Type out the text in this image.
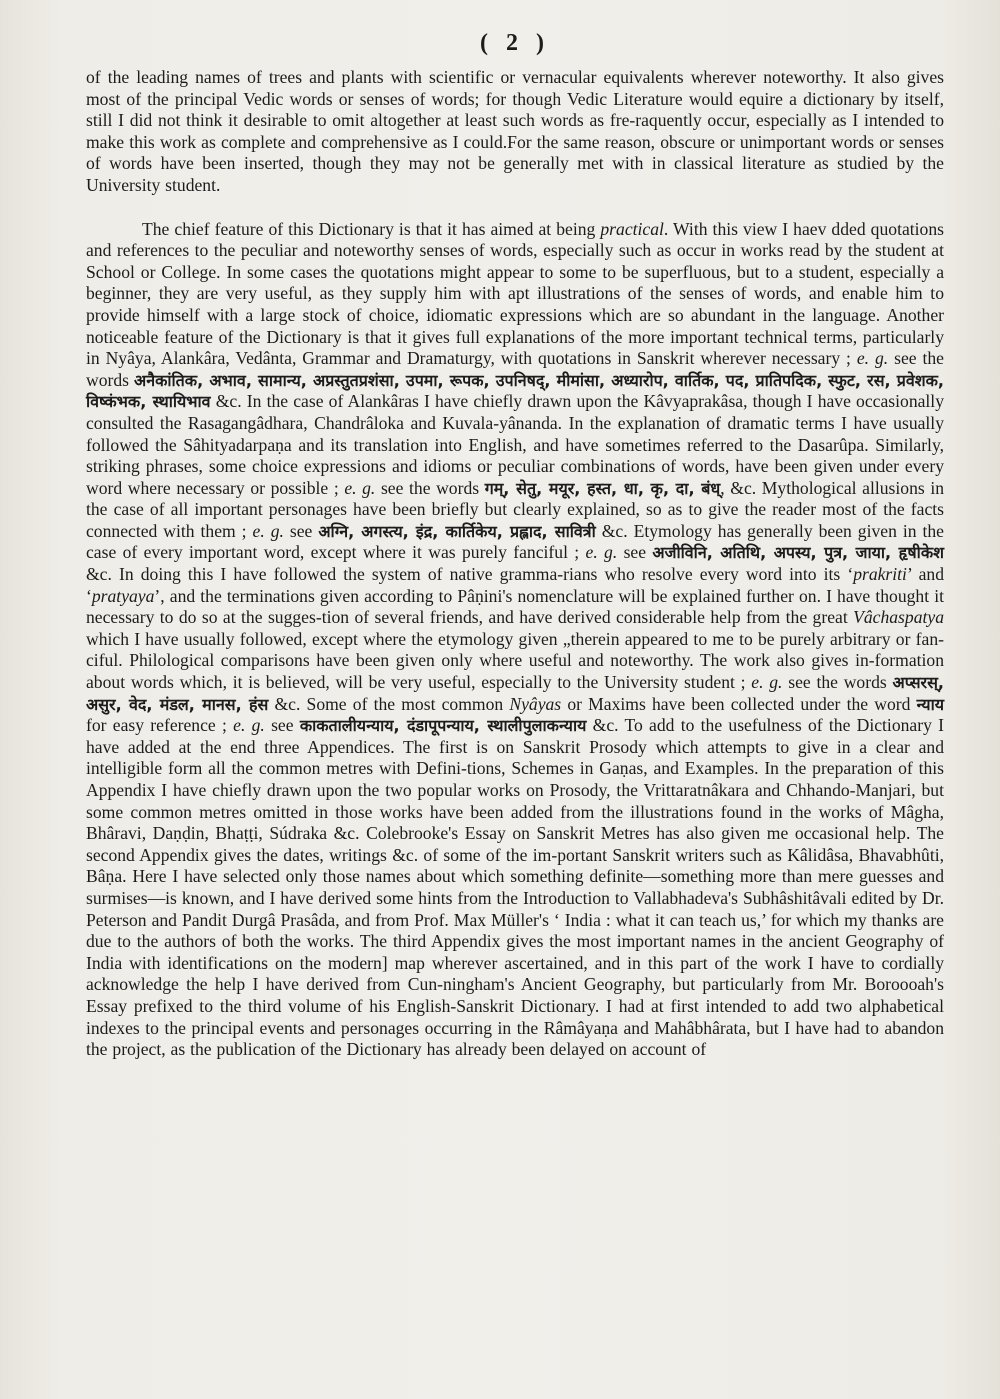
( 2 )

of the leading names of trees and plants with scientific or vernacular equivalents wherever noteworthy. It also gives most of the principal Vedic words or senses of words; for though Vedic Literature would equire a dictionary by itself, still I did not think it desirable to omit altogether at least such words as fre-raquently occur, especially as I intended to make this work as complete and comprehensive as I could.For the same reason, obscure or unimportant words or senses of words have been inserted, though they may not be generally met with in classical literature as studied by the University student.

The chief feature of this Dictionary is that it has aimed at being practical. With this view I haev dded quotations and references to the peculiar and noteworthy senses of words, especially such as occur in works read by the student at School or College. In some cases the quotations might appear to some to be superfluous, but to a student, especially a beginner, they are very useful, as they supply him with apt illustrations of the senses of words, and enable him to provide himself with a large stock of choice, idiomatic expressions which are so abundant in the language. Another noticeable feature of the Dictionary is that it gives full explanations of the more important technical terms, particularly in Nyâya, Alankâra, Vedânta, Grammar and Dramaturgy, with quotations in Sanskrit wherever necessary ; e. g. see the words अनैकांतिक, अभाव, सामान्य, अप्रस्तुतप्रशंसा, उपमा, रूपक, उपनिषद्, मीमांसा, अध्यारोप, वार्तिक, पद, प्रातिपदिक, स्फुट, रस, प्रवेशक, विष्कंभक, स्थायिभाव &c. In the case of Alankâras I have chiefly drawn upon the Kâvyaprakâsa, though I have occasionally consulted the Rasagangâdhara, Chandrâloka and Kuvala-yânanda. In the explanation of dramatic terms I have usually followed the Sâhityadarpaṇa and its translation into English, and have sometimes referred to the Dasarûpa. Similarly, striking phrases, some choice expressions and idioms or peculiar combinations of words, have been given under every word where necessary or possible ; e. g. see the words गम्, सेतु, मयूर, हस्त, धा, कृ, दा, बंध्, &c. Mythological allusions in the case of all important personages have been briefly but clearly explained, so as to give the reader most of the facts connected with them ; e. g. see अग्नि, अगस्त्य, इंद्र, कार्तिकेय, प्रह्लाद, सावित्री &c. Etymology has generally been given in the case of every important word, except where it was purely fanciful ; e. g. see अजीविनि, अतिथि, अपस्य, पुत्र, जाया, हृषीकेश &c. In doing this I have followed the system of native gramma-rians who resolve every word into its ‘prakriti’ and ‘pratyaya’, and the terminations given according to Pâṇini's nomenclature will be explained further on. I have thought it necessary to do so at the sugges-tion of several friends, and have derived considerable help from the great Vâchaspatya which I have usually followed, except where the etymology given „therein appeared to me to be purely arbitrary or fan-ciful. Philological comparisons have been given only where useful and noteworthy. The work also gives in-formation about words which, it is believed, will be very useful, especially to the University student ; e. g. see the words अप्सरस्, असुर, वेद, मंडल, मानस, हंस &c. Some of the most common Nyâyas or Maxims have been collected under the word न्याय for easy reference ; e. g. see काकतालीयन्याय, दंडापूपन्याय, स्थालीपुलाकन्याय &c. To add to the usefulness of the Dictionary I have added at the end three Appendices. The first is on Sanskrit Prosody which attempts to give in a clear and intelligible form all the common metres with Defini-tions, Schemes in Gaṇas, and Examples. In the preparation of this Appendix I have chiefly drawn upon the two popular works on Prosody, the Vrittaratnâkara and Chhando-Manjari, but some common metres omitted in those works have been added from the illustrations found in the works of Mâgha, Bhâravi, Daṇḍin, Bhaṭṭi, Súdraka &c. Colebrooke's Essay on Sanskrit Metres has also given me occasional help. The second Appendix gives the dates, writings &c. of some of the im-portant Sanskrit writers such as Kâlidâsa, Bhavabhûti, Bâṇa. Here I have selected only those names about which something definite—something more than mere guesses and surmises—is known, and I have derived some hints from the Introduction to Vallabhadeva's Subhâshitâvali edited by Dr. Peterson and Pandit Durgâ Prasâda, and from Prof. Max Müller's ‘ India : what it can teach us,’ for which my thanks are due to the authors of both the works. The third Appendix gives the most important names in the ancient Geography of India with identifications on the modern] map wherever ascertained, and in this part of the work I have to cordially acknowledge the help I have derived from Cun-ningham's Ancient Geography, but particularly from Mr. Boroooah's Essay prefixed to the third volume of his English-Sanskrit Dictionary. I had at first intended to add two alphabetical indexes to the principal events and personages occurring in the Râmâyaṇa and Mahâbhârata, but I have had to abandon the project, as the publication of the Dictionary has already been delayed on account of
